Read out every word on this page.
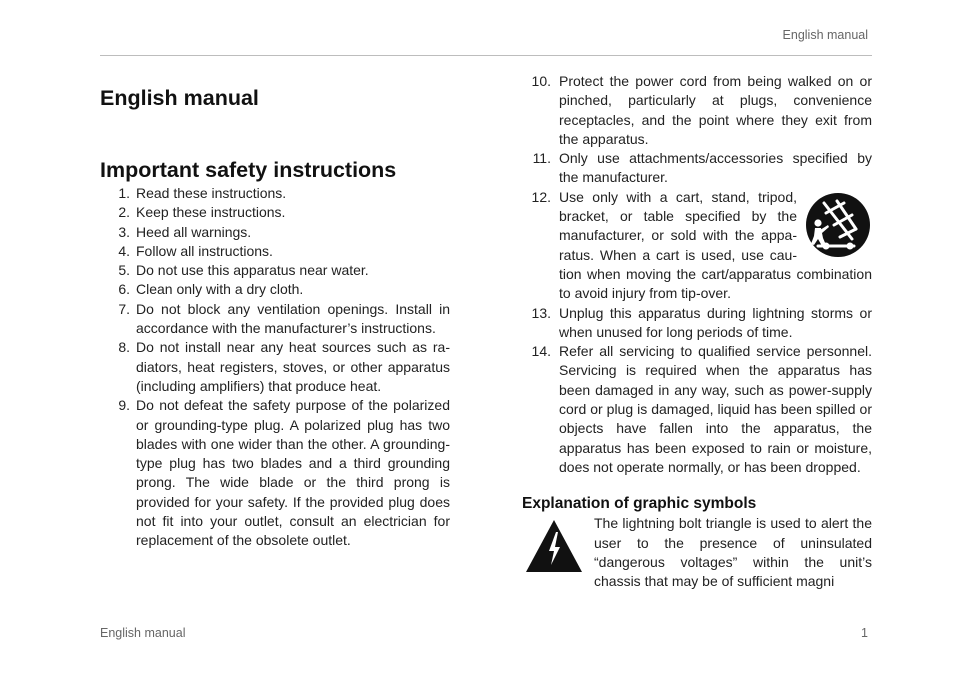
English manual
English manual
Important safety instructions
1. Read these instructions.
2. Keep these instructions.
3. Heed all warnings.
4. Follow all instructions.
5. Do not use this apparatus near water.
6. Clean only with a dry cloth.
7. Do not block any ventilation openings. Install in accordance with the manufacturer’s instructions.
8. Do not install near any heat sources such as radiators, heat registers, stoves, or other apparatus (including amplifiers) that produce heat.
9. Do not defeat the safety purpose of the polarized or grounding-type plug. A polarized plug has two blades with one wider than the other. A grounding-type plug has two blades and a third grounding prong. The wide blade or the third prong is provided for your safety. If the provided plug does not fit into your outlet, consult an electrician for replacement of the obsolete outlet.
10. Protect the power cord from being walked on or pinched, particularly at plugs, convenience receptacles, and the point where they exit from the apparatus.
11. Only use attachments/accessories specified by the manufacturer.
12. Use only with a cart, stand, tripod, bracket, or table specified by the manufacturer, or sold with the apparatus. When a cart is used, use caution when moving the cart/apparatus combination to avoid injury from tip-over.
13. Unplug this apparatus during lightning storms or when unused for long periods of time.
14. Refer all servicing to qualified service personnel. Servicing is required when the apparatus has been damaged in any way, such as power-supply cord or plug is damaged, liquid has been spilled or objects have fallen into the apparatus, the apparatus has been exposed to rain or moisture, does not operate normally, or has been dropped.
Explanation of graphic symbols

The lightning bolt triangle is used to alert the user to the presence of uninsulated “dangerous voltages” within the unit’s chassis that may be of sufficient magni

English manual	1
